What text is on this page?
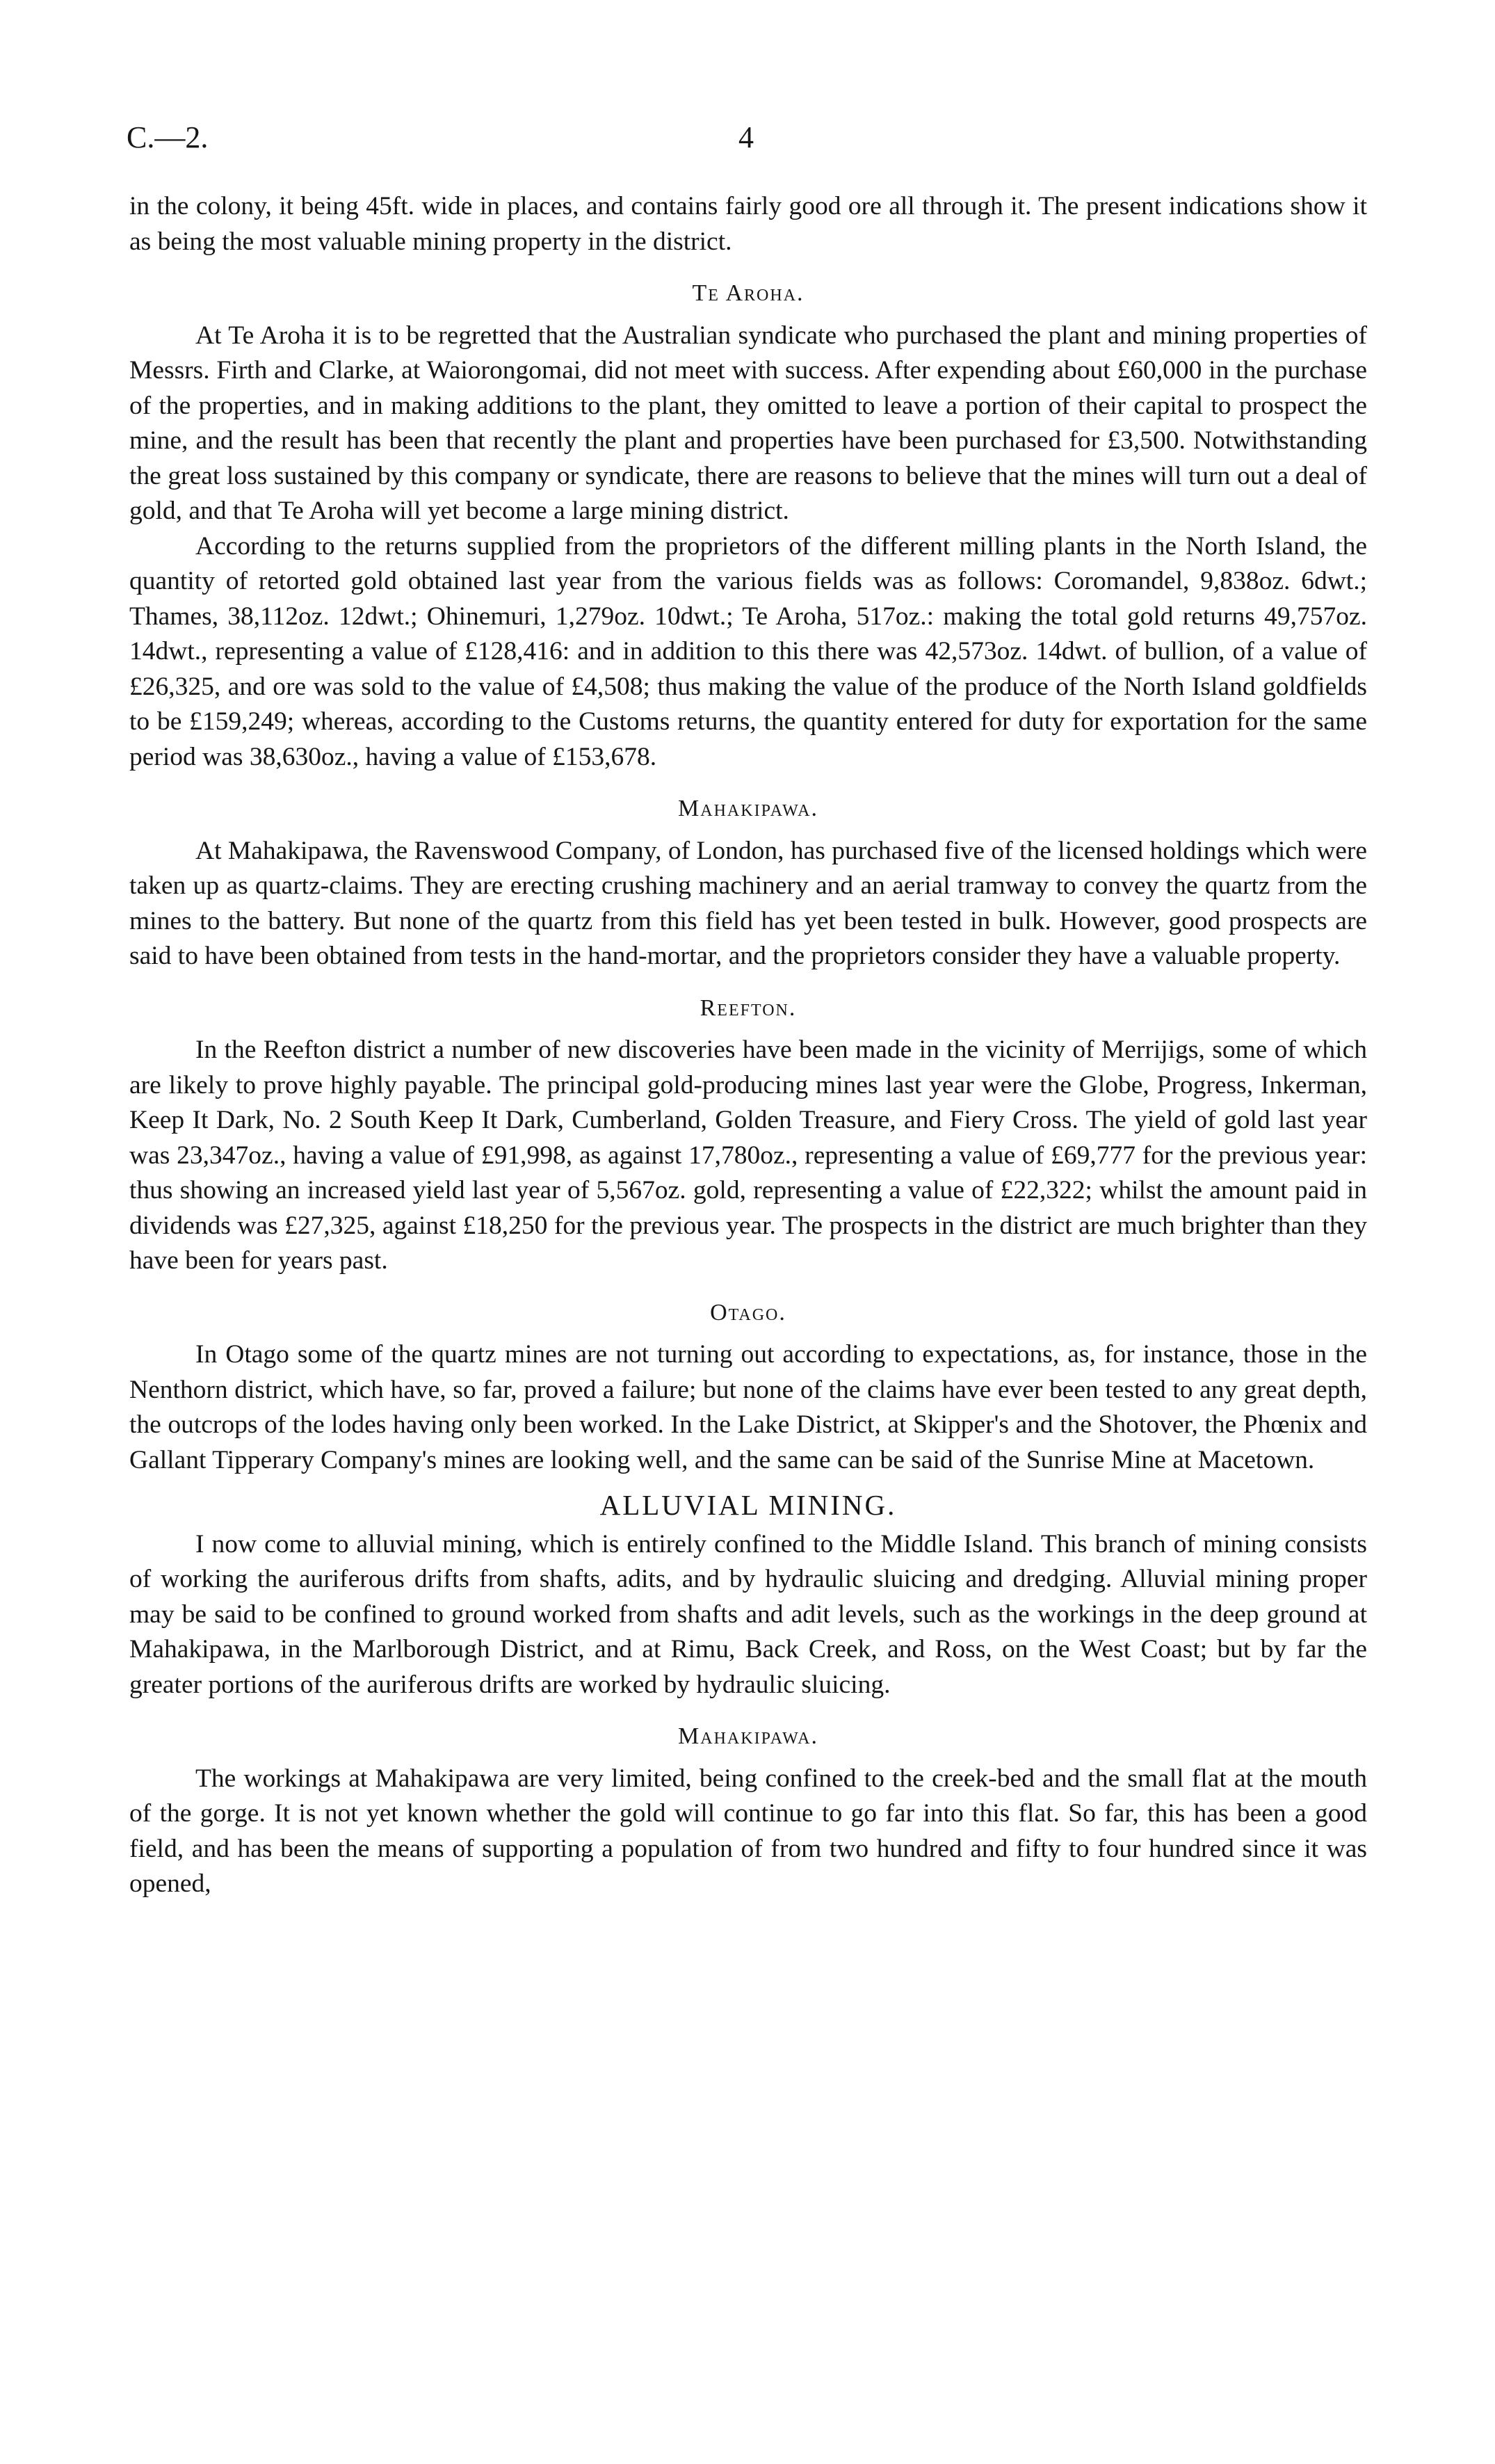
C.—2.	4

in the colony, it being 45ft. wide in places, and contains fairly good ore all through it. The present indications show it as being the most valuable mining property in the district.

Te Aroha.

At Te Aroha it is to be regretted that the Australian syndicate who purchased the plant and mining properties of Messrs. Firth and Clarke, at Waiorongomai, did not meet with success. After expending about £60,000 in the purchase of the properties, and in making additions to the plant, they omitted to leave a portion of their capital to prospect the mine, and the result has been that recently the plant and properties have been purchased for £3,500. Notwithstanding the great loss sustained by this company or syndicate, there are reasons to believe that the mines will turn out a deal of gold, and that Te Aroha will yet become a large mining district.

According to the returns supplied from the proprietors of the different milling plants in the North Island, the quantity of retorted gold obtained last year from the various fields was as follows: Coromandel, 9,838oz. 6dwt.; Thames, 38,112oz. 12dwt.; Ohinemuri, 1,279oz. 10dwt.; Te Aroha, 517oz.: making the total gold returns 49,757oz. 14dwt., representing a value of £128,416: and in addition to this there was 42,573oz. 14dwt. of bullion, of a value of £26,325, and ore was sold to the value of £4,508; thus making the value of the produce of the North Island goldfields to be £159,249; whereas, according to the Customs returns, the quantity entered for duty for exportation for the same period was 38,630oz., having a value of £153,678.

Mahakipawa.

At Mahakipawa, the Ravenswood Company, of London, has purchased five of the licensed holdings which were taken up as quartz-claims. They are erecting crushing machinery and an aerial tramway to convey the quartz from the mines to the battery. But none of the quartz from this field has yet been tested in bulk. However, good prospects are said to have been obtained from tests in the hand-mortar, and the proprietors consider they have a valuable property.

Reefton.

In the Reefton district a number of new discoveries have been made in the vicinity of Merrijigs, some of which are likely to prove highly payable. The principal gold-producing mines last year were the Globe, Progress, Inkerman, Keep It Dark, No. 2 South Keep It Dark, Cumberland, Golden Treasure, and Fiery Cross. The yield of gold last year was 23,347oz., having a value of £91,998, as against 17,780oz., representing a value of £69,777 for the previous year: thus showing an increased yield last year of 5,567oz. gold, representing a value of £22,322; whilst the amount paid in dividends was £27,325, against £18,250 for the previous year. The prospects in the district are much brighter than they have been for years past.

Otago.

In Otago some of the quartz mines are not turning out according to expectations, as, for instance, those in the Nenthorn district, which have, so far, proved a failure; but none of the claims have ever been tested to any great depth, the outcrops of the lodes having only been worked. In the Lake District, at Skipper's and the Shotover, the Phœnix and Gallant Tipperary Company's mines are looking well, and the same can be said of the Sunrise Mine at Macetown.

ALLUVIAL MINING.

I now come to alluvial mining, which is entirely confined to the Middle Island. This branch of mining consists of working the auriferous drifts from shafts, adits, and by hydraulic sluicing and dredging. Alluvial mining proper may be said to be confined to ground worked from shafts and adit levels, such as the workings in the deep ground at Mahakipawa, in the Marlborough District, and at Rimu, Back Creek, and Ross, on the West Coast; but by far the greater portions of the auriferous drifts are worked by hydraulic sluicing.

Mahakipawa.

The workings at Mahakipawa are very limited, being confined to the creek-bed and the small flat at the mouth of the gorge. It is not yet known whether the gold will continue to go far into this flat. So far, this has been a good field, and has been the means of supporting a population of from two hundred and fifty to four hundred since it was opened,
